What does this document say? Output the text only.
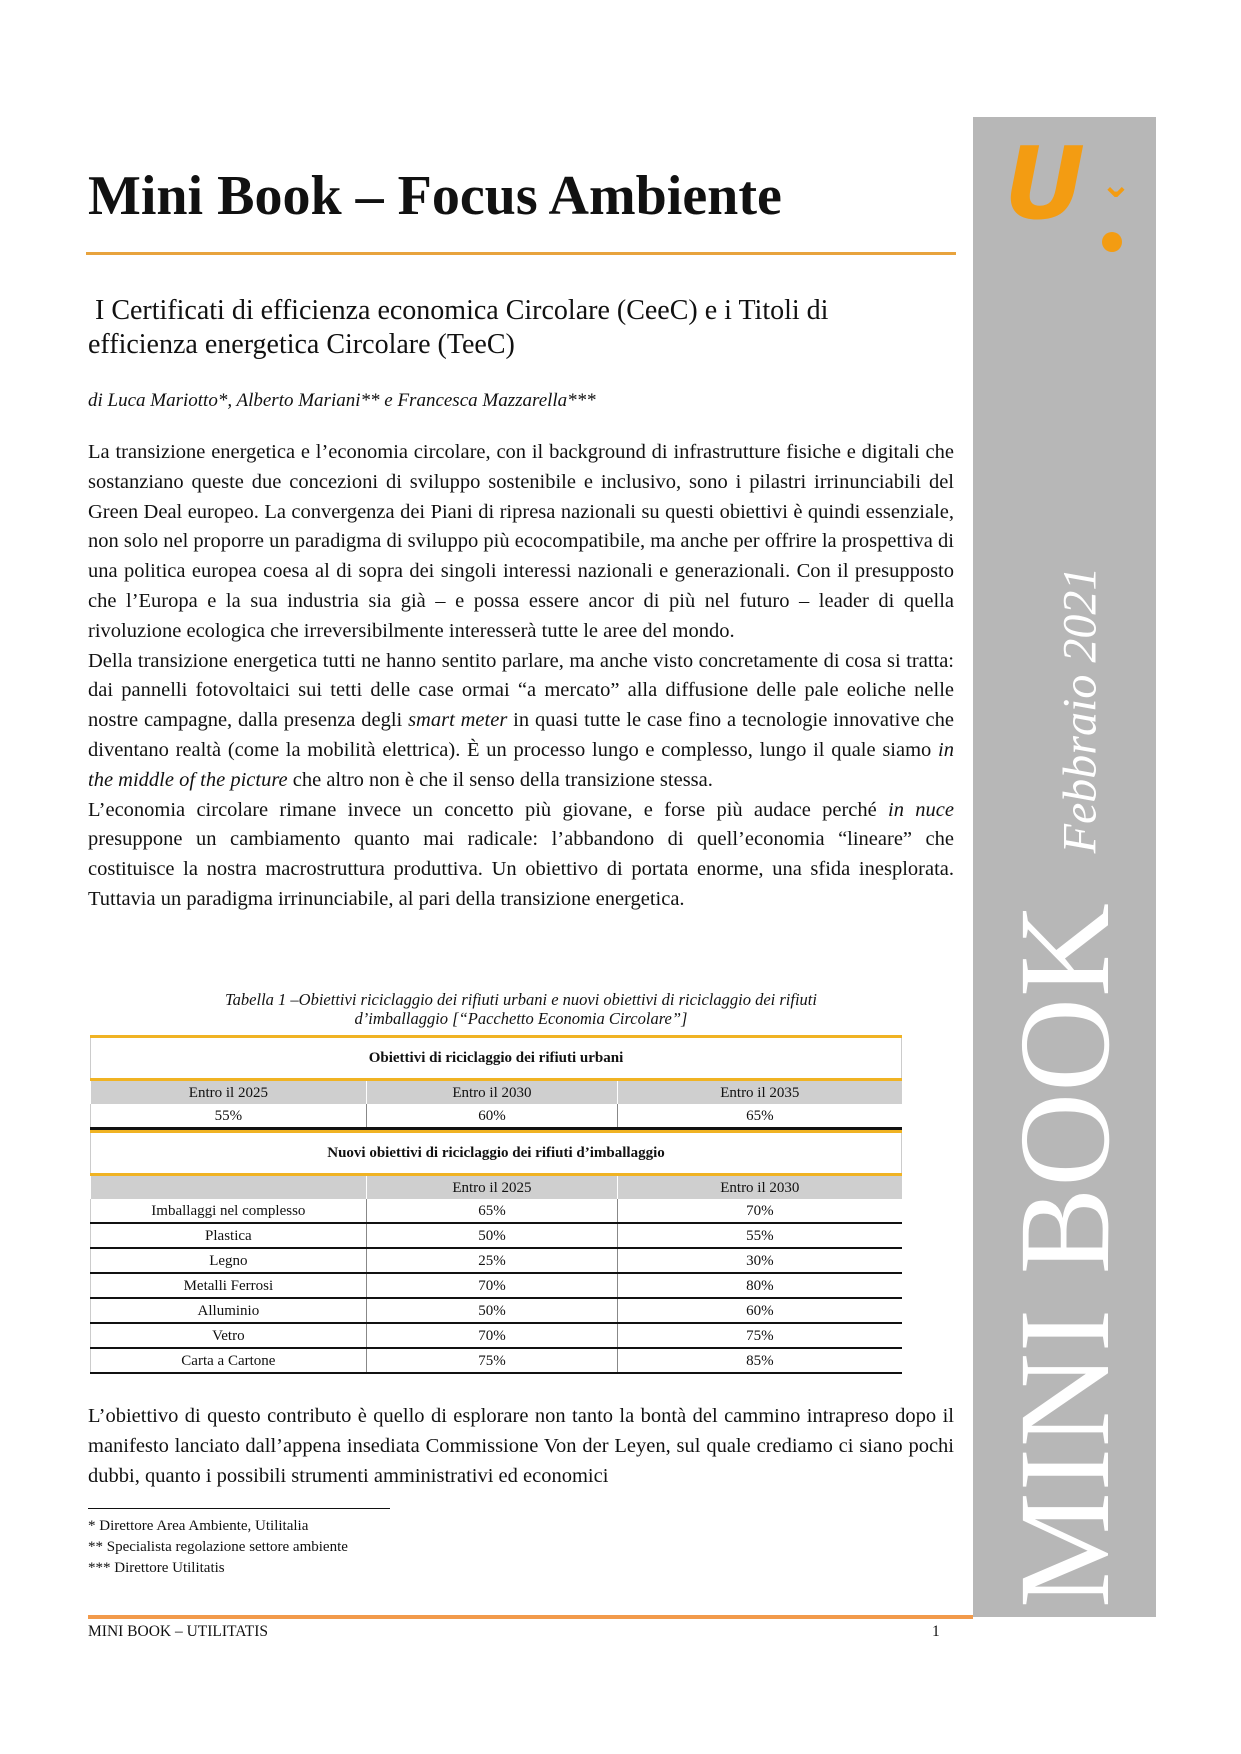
Mini Book – Focus Ambiente
I Certificati di efficienza economica Circolare (CeeC) e i Titoli di
efficienza energetica Circolare (TeeC)
di Luca Mariotto*, Alberto Mariani** e Francesca Mazzarella***

La transizione energetica e l’economia circolare, con il background di infrastrutture fisiche e digitali che sostanziano queste due concezioni di sviluppo sostenibile e inclusivo, sono i pilastri irrinunciabili del Green Deal europeo. La convergenza dei Piani di ripresa nazionali su questi obiettivi è quindi essenziale, non solo nel proporre un paradigma di sviluppo più ecocompatibile, ma anche per offrire la prospettiva di una politica europea coesa al di sopra dei singoli interessi nazionali e generazionali. Con il presupposto che l’Europa e la sua industria sia già – e possa essere ancor di più nel futuro – leader di quella rivoluzione ecologica che irreversibilmente interesserà tutte le aree del mondo.

Della transizione energetica tutti ne hanno sentito parlare, ma anche visto concretamente di cosa si tratta: dai pannelli fotovoltaici sui tetti delle case ormai “a mercato” alla diffusione delle pale eoliche nelle nostre campagne, dalla presenza degli smart meter in quasi tutte le case fino a tecnologie innovative che diventano realtà (come la mobilità elettrica). È un processo lungo e complesso, lungo il quale siamo in the middle of the picture che altro non è che il senso della transizione stessa.

L’economia circolare rimane invece un concetto più giovane, e forse più audace perché in nuce presuppone un cambiamento quanto mai radicale: l’abbandono di quell’economia “lineare” che costituisce la nostra macrostruttura produttiva. Un obiettivo di portata enorme, una sfida inesplorata. Tuttavia un paradigma irrinunciabile, al pari della transizione energetica.

Tabella 1 –Obiettivi riciclaggio dei rifiuti urbani e nuovi obiettivi di riciclaggio dei rifiuti
d’imballaggio [“Pacchetto Economia Circolare”]
Obiettivi di riciclaggio dei rifiuti urbani		
Entro il 2025	Entro il 2030	Entro il 2035
55%	60%	65%
Nuovi obiettivi di riciclaggio dei rifiuti d’imballaggio		
	Entro il 2025	Entro il 2030
Imballaggi nel complesso	65%	70%
Plastica	50%	55%
Legno	25%	30%
Metalli Ferrosi	70%	80%
Alluminio	50%	60%
Vetro	70%	75%
Carta a Cartone	75%	85%

L’obiettivo di questo contributo è quello di esplorare non tanto la bontà del cammino intrapreso dopo il manifesto lanciato dall’appena insediata Commissione Von der Leyen, sul quale crediamo ci siano pochi dubbi, quanto i possibili strumenti amministrativi ed economici

* Direttore Area Ambiente, Utilitalia
** Specialista regolazione settore ambiente
*** Direttore Utilitatis
MINI BOOK – UTILITATIS	1
U ⌄
Febbraio 2021
MINI BOOK
